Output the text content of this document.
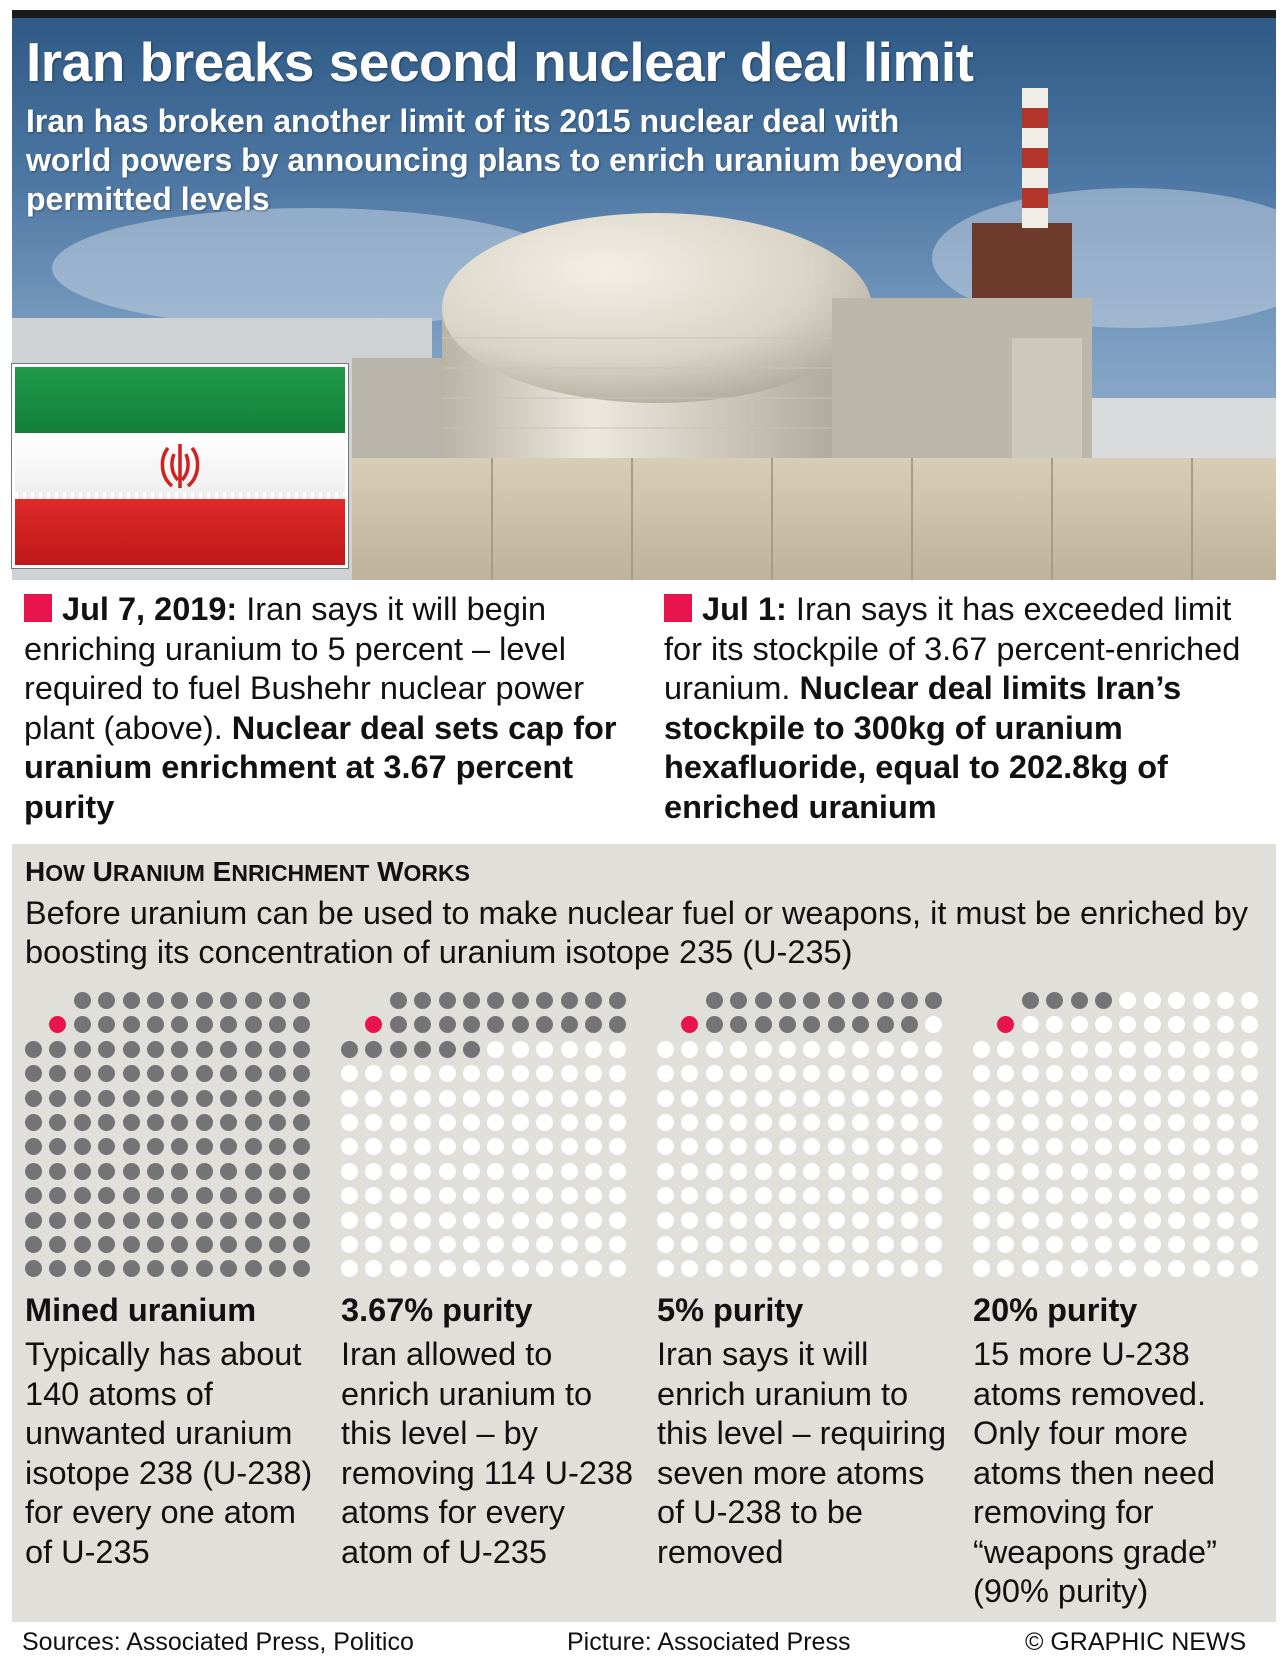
Iran breaks second nuclear deal limit
Iran has broken another limit of its 2015 nuclear deal with world powers by announcing plans to enrich uranium beyond permitted levels
Jul 7, 2019: Iran says it will begin enriching uranium to 5 percent – level required to fuel Bushehr nuclear power plant (above). Nuclear deal sets cap for uranium enrichment at 3.67 percent purity
Jul 1: Iran says it has exceeded limit for its stockpile of 3.67 percent-enriched uranium. Nuclear deal limits Iran’s stockpile to 300kg of uranium hexafluoride, equal to 202.8kg of enriched uranium
HOW URANIUM ENRICHMENT WORKS
Before uranium can be used to make nuclear fuel or weapons, it must be enriched by boosting its concentration of uranium isotope 235 (U-235)
Mined uranium	3.67% purity	5% purity	20% purity
Typically has about 140 atoms of unwanted uranium isotope 238 (U-238) for every one atom of U-235
Iran allowed to enrich uranium to this level – by removing 114 U-238 atoms for every atom of U-235
Iran says it will enrich uranium to this level – requiring seven more atoms of U-238 to be removed
15 more U-238 atoms removed. Only four more atoms then need removing for “weapons grade” (90% purity)
Sources: Associated Press, Politico	Picture: Associated Press	© GRAPHIC NEWS
